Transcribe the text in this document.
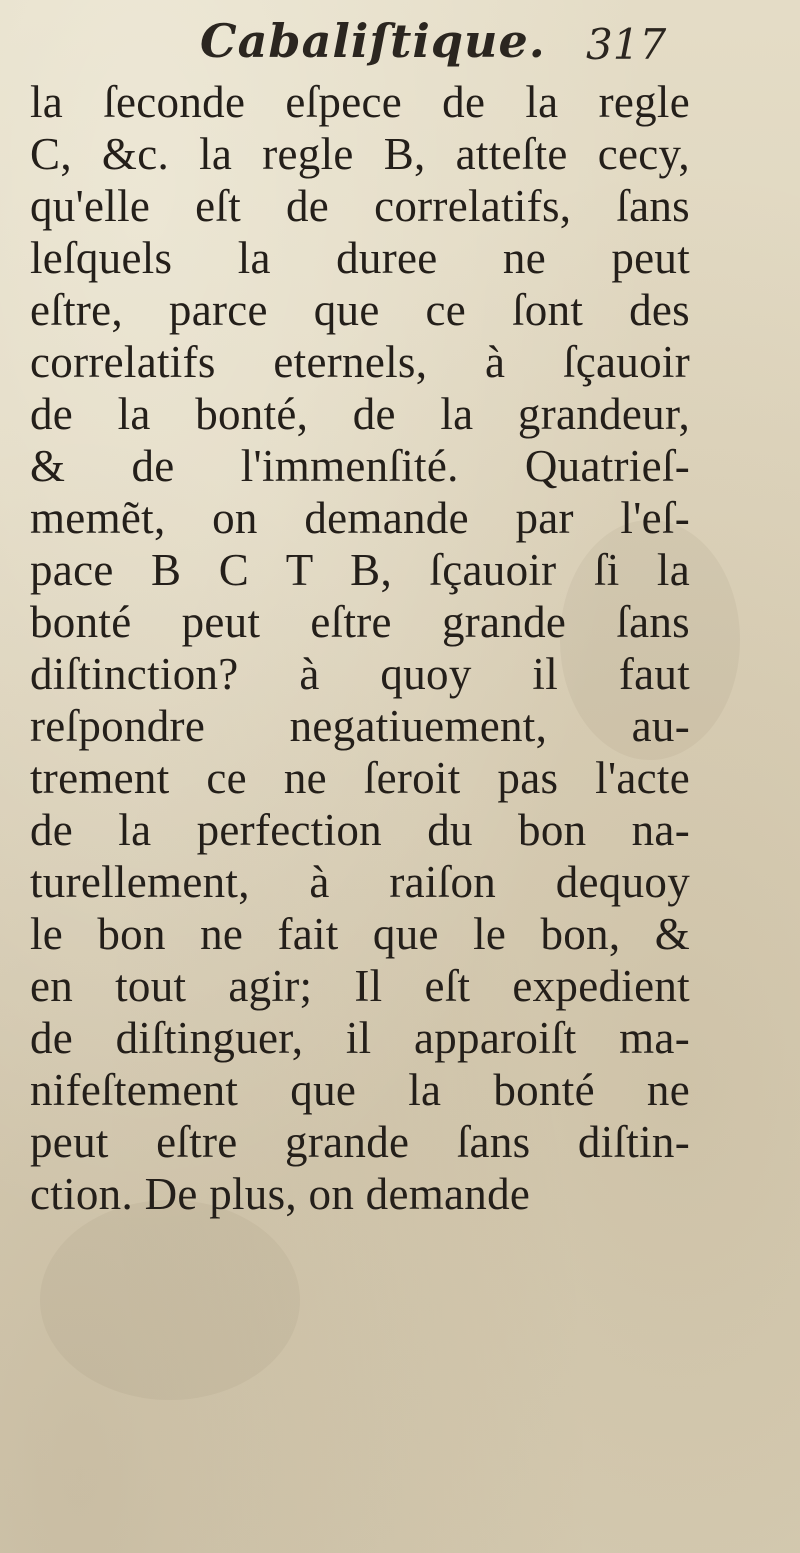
Cabaliſtique. 317
la ſeconde eſpece de la regle
C, &c. la regle B, atteſte cecy,
qu'elle eſt de correlatifs, ſans
leſquels la duree ne peut
eſtre, parce que ce ſont des
correlatifs eternels, à ſçauoir
de la bonté, de la grandeur,
& de l'immenſité. Quatrieſ-
memẽt, on demande par l'eſ-
pace B C T B, ſçauoir ſi la
bonté peut eſtre grande ſans
diſtinction? à quoy il faut
reſpondre negatiuement, au-
trement ce ne ſeroit pas l'acte
de la perfection du bon na-
turellement, à raiſon dequoy
le bon ne fait que le bon, &
en tout agir; Il eſt expedient
de diſtinguer, il apparoiſt ma-
nifeſtement que la bonté ne
peut eſtre grande ſans diſtin-
ction. De plus, on demande
